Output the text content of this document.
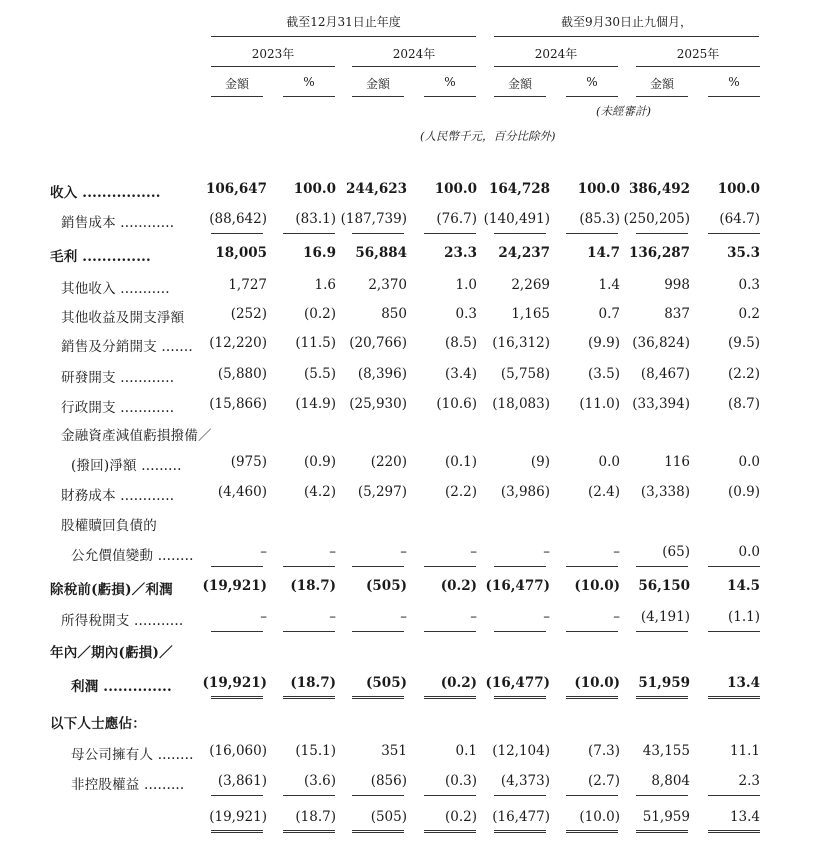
截至12月31日止年度	截至9月30日止九個月，
2023年	2024年	2024年	2025年
金額	%	金額	%	金額	%	金額	%
(未經審計)
(人民幣千元，百分比除外)
收入 ................	106,647	100.0 244,623	100.0 164,728	100.0 386,492	100.0
銷售成本 ............	(88,642)	(83.1) (187,739)	(76.7) (140,491)	(85.3) (250,205)	(64.7)
毛利 ..............	18,005	16.9	56,884	23.3	24,237	14.7 136,287	35.3
其他收入 ...........	1,727	1.6	2,370	1.0	2,269	1.4	998	0.3
其他收益及開支淨額	(252)	(0.2)	850	0.3	1,165	0.7	837	0.2
銷售及分銷開支 .......	(12,220)	(11.5) (20,766)	(8.5)	(16,312)	(9.9) (36,824)	(9.5)
研發開支 ............	(5,880)	(5.5)	(8,396)	(3.4)	(5,758)	(3.5)	(8,467)	(2.2)
行政開支 ............	(15,866)	(14.9) (25,930)	(10.6)	(18,083)	(11.0) (33,394)	(8.7)
金融資產減值虧損撥備／
(撥回)淨額 .........	(975)	(0.9)	(220)	(0.1)	(9)	0.0	116	0.0
財務成本 ............	(4,460)	(4.2)	(5,297)	(2.2)	(3,986)	(2.4)	(3,338)	(0.9)
股權贖回負債的
公允價值變動 ........	–	–	–	–	–	–	(65)	0.0
除稅前(虧損)／利潤	(19,921)	(18.7)	(505)	(0.2) (16,477)	(10.0)	56,150	14.5
所得稅開支 ...........	–	–	–	–	–	–	(4,191)	(1.1)
年內／期內(虧損)／
利潤 ..............	(19,921)	(18.7)	(505)	(0.2) (16,477)	(10.0)	51,959	13.4
以下人士應佔：
母公司擁有人 ........	(16,060)	(15.1)	351	0.1	(12,104)	(7.3)	43,155	11.1
非控股權益 .........	(3,861)	(3.6)	(856)	(0.3)	(4,373)	(2.7)	8,804	2.3
(19,921)	(18.7)	(505)	(0.2)	(16,477)	(10.0)	51,959	13.4
